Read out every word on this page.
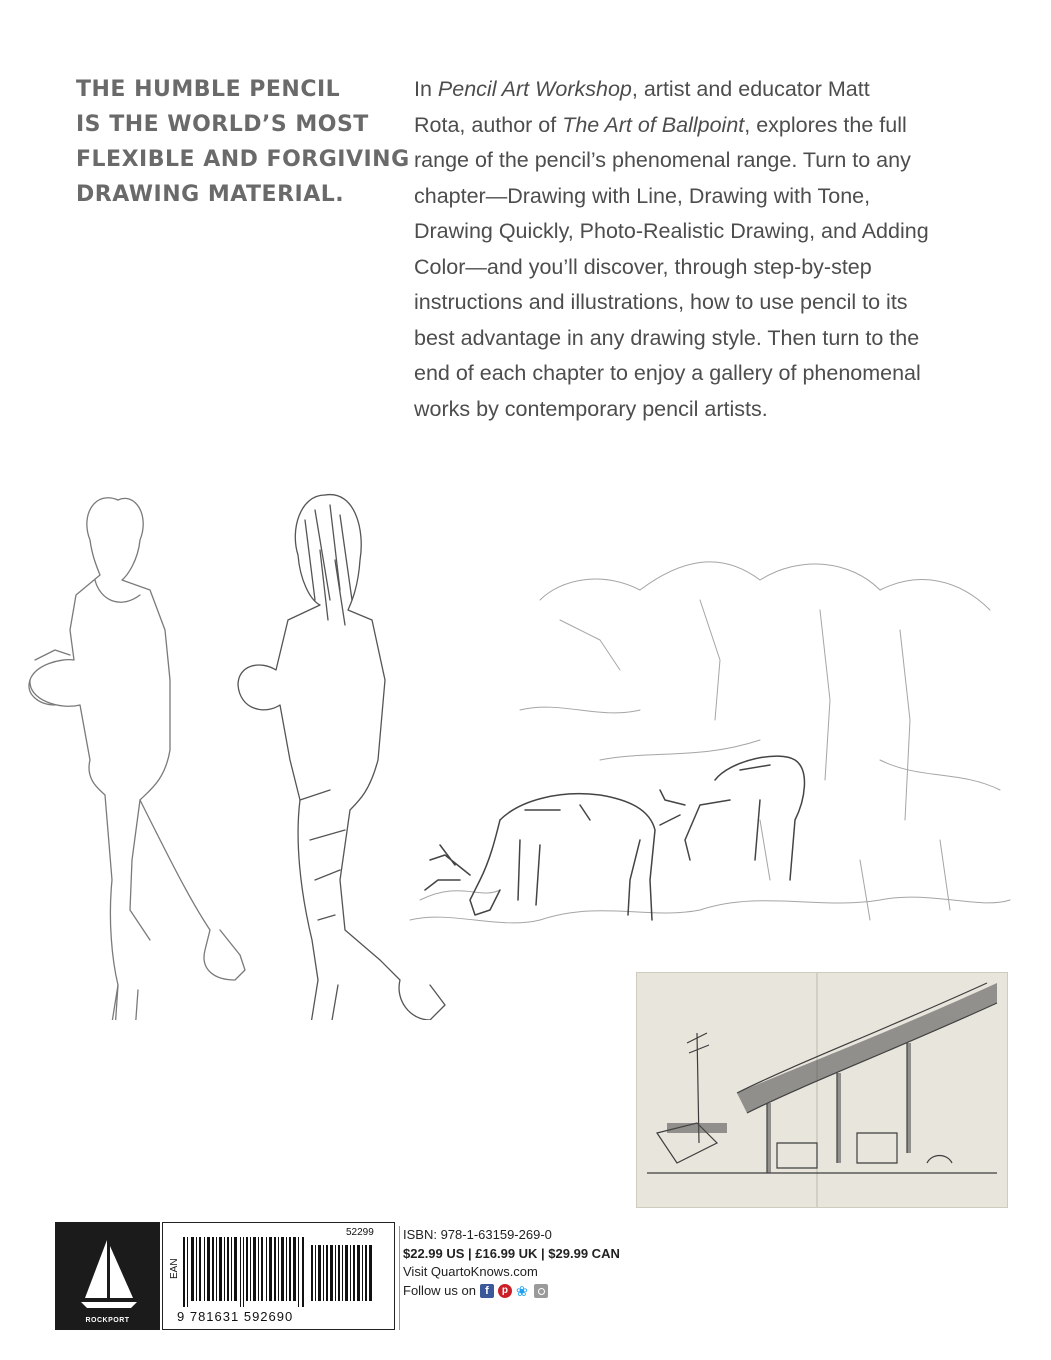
THE HUMBLE PENCIL
IS THE WORLD’S MOST
FLEXIBLE AND FORGIVING
DRAWING MATERIAL.
In Pencil Art Workshop, artist and educator Matt
Rota, author of The Art of Ballpoint, explores the full
range of the pencil’s phenomenal range. Turn to any
chapter—Drawing with Line, Drawing with Tone,
Drawing Quickly, Photo-Realistic Drawing, and Adding
Color—and you’ll discover, through step-by-step
instructions and illustrations, how to use pencil to its
best advantage in any drawing style. Then turn to the
end of each chapter to enjoy a gallery of phenomenal
works by contemporary pencil artists.
ROCKPORT
EAN
52299
9 781631 592690
ISBN: 978-1-63159-269-0
$22.99 US | £16.99 UK | $29.99 CAN
Visit QuartoKnows.com
Follow us on f	p ❀
